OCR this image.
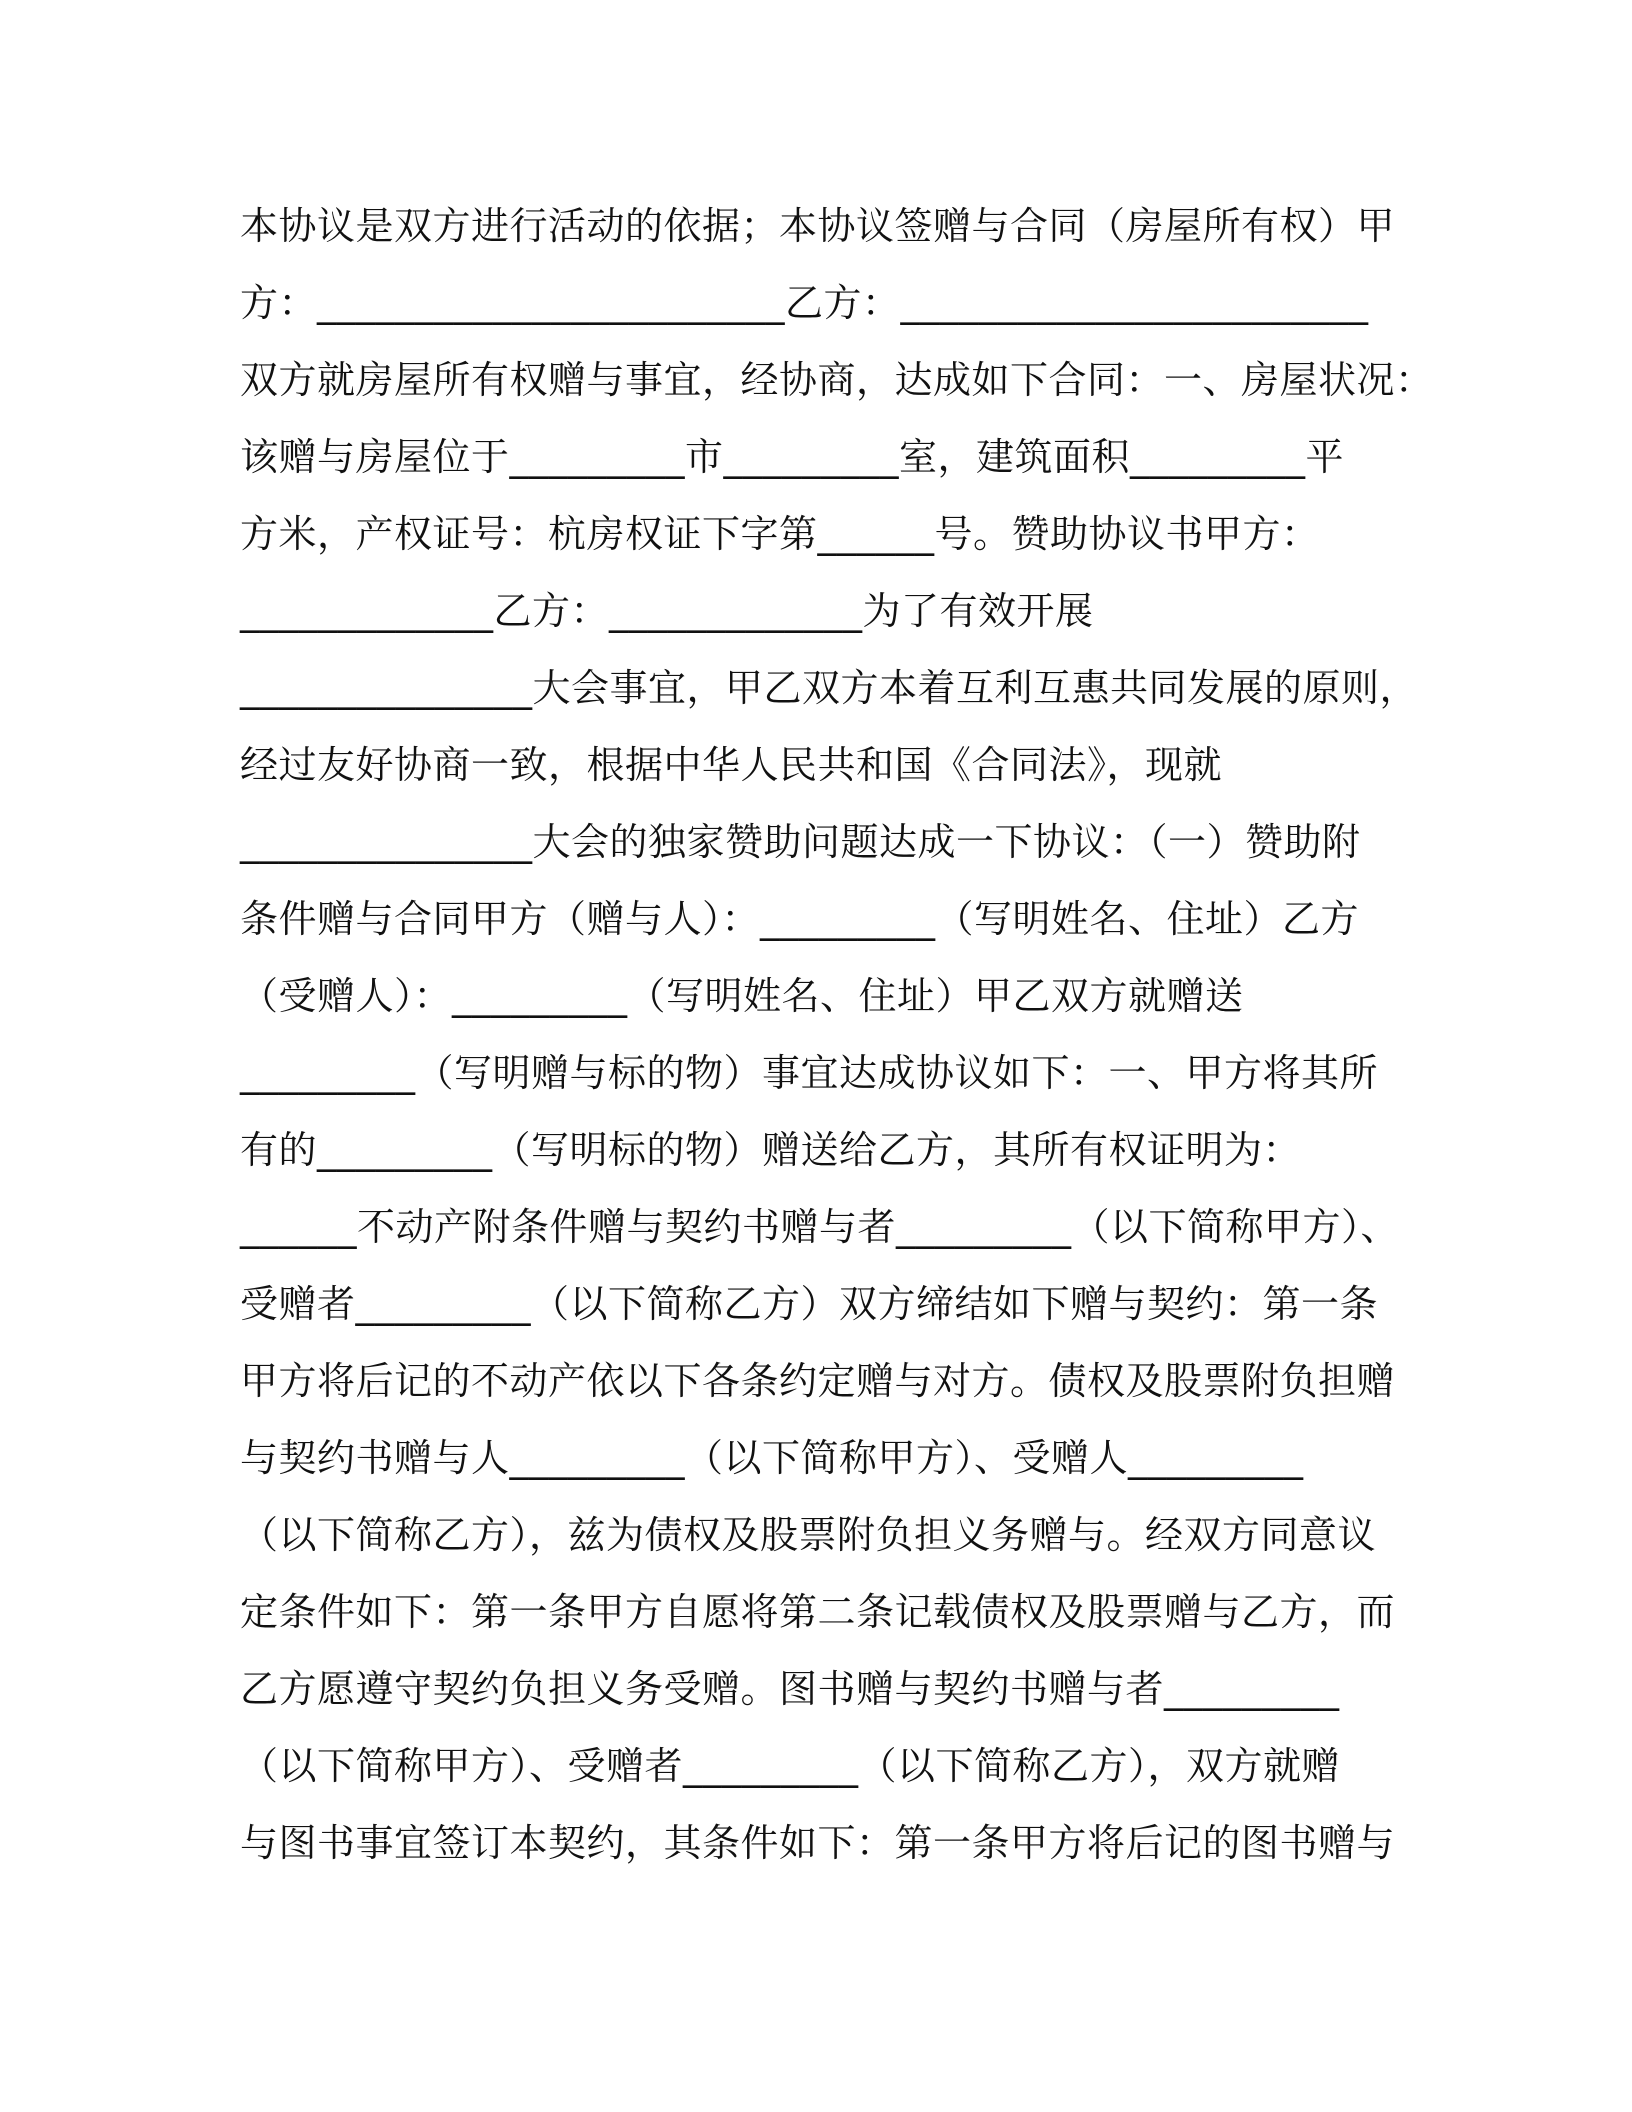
本协议是双方进行活动的依据；本协议签赠与合同（房屋所有权）甲
方：________________________乙方：________________________
双方就房屋所有权赠与事宜，经协商，达成如下合同：一、房屋状况：
该赠与房屋位于_________市_________室，建筑面积_________平
方米，产权证号：杭房权证下字第______号。赞助协议书甲方：
_____________乙方：_____________为了有效开展
_______________大会事宜，甲乙双方本着互利互惠共同发展的原则，
经过友好协商一致，根据中华人民共和国《合同法》，现就
_______________大会的独家赞助问题达成一下协议：（一）赞助附
条件赠与合同甲方（赠与人）：_________（写明姓名、住址）乙方
（受赠人）：_________（写明姓名、住址）甲乙双方就赠送
_________（写明赠与标的物）事宜达成协议如下：一、甲方将其所
有的_________（写明标的物）赠送给乙方，其所有权证明为：
______不动产附条件赠与契约书赠与者_________（以下简称甲方）、
受赠者_________（以下简称乙方）双方缔结如下赠与契约：第一条
甲方将后记的不动产依以下各条约定赠与对方。债权及股票附负担赠
与契约书赠与人_________（以下简称甲方）、受赠人_________
（以下简称乙方），兹为债权及股票附负担义务赠与。经双方同意议
定条件如下：第一条甲方自愿将第二条记载债权及股票赠与乙方，而
乙方愿遵守契约负担义务受赠。图书赠与契约书赠与者_________
（以下简称甲方）、受赠者_________（以下简称乙方），双方就赠
与图书事宜签订本契约，其条件如下：第一条甲方将后记的图书赠与
